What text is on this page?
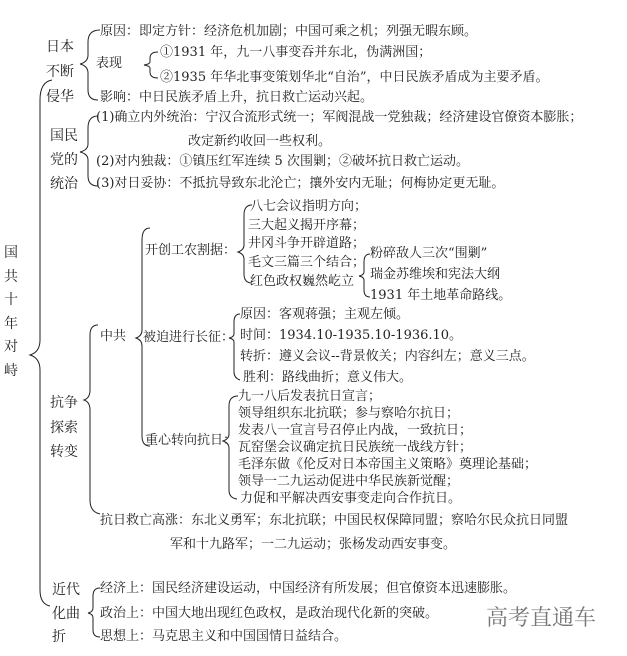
国
共
十
年
对
峙
日本
不断
侵华
原因：即定方针：经济危机加剧；中国可乘之机；列强无暇东顾。
表现
①1931 年，九一八事变吞并东北，伪满洲国；
②1935 年华北事变策划华北“自治”，中日民族矛盾成为主要矛盾。
影响：中日民族矛盾上升，抗日救亡运动兴起。
国民
党的
统治
(1)确立内外统治：宁汉合流形式统一；军阀混战一党独裁；经济建设官僚资本膨胀；
改定新约收回一些权利。
(2)对内独裁：①镇压红军连续 5 次围剿；②破坏抗日救亡运动。
(3)对日妥协：不抵抗导致东北沦亡；攘外安内无耻；何梅协定更无耻。
抗争
探索
转变
中共
开创工农割据：
八七会议指明方向；
三大起义揭开序幕；
井冈斗争开辟道路；
毛文三篇三个结合；
红色政权巍然屹立
粉碎敌人三次“围剿”
瑞金苏维埃和宪法大纲
1931 年土地革命路线。
被迫进行长征：
原因：客观蒋强；主观左倾。
时间：1934.10-1935.10-1936.10。
转折：遵义会议--背景攸关；内容纠左；意义三点。
胜利：路线曲折；意义伟大。
重心转向抗日：
九一八后发表抗日宣言；
领导组织东北抗联；参与察哈尔抗日；
发表八一宣言号召停止内战，一致抗日；
瓦窑堡会议确定抗日民族统一战线方针；
毛泽东做《伦反对日本帝国主义策略》奠理论基础；
领导一二九运动促进中华民族新觉醒；
力促和平解决西安事变走向合作抗日。
抗日救亡高涨：东北义勇军；东北抗联；中国民权保障同盟；察哈尔民众抗日同盟
军和十九路军；一二九运动；张杨发动西安事变。
近代
化曲
折
经济上：国民经济建设运动，中国经济有所发展；但官僚资本迅速膨胀。
政治上：中国大地出现红色政权，是政治现代化新的突破。
思想上：马克思主义和中国国情日益结合。
高考直通车
